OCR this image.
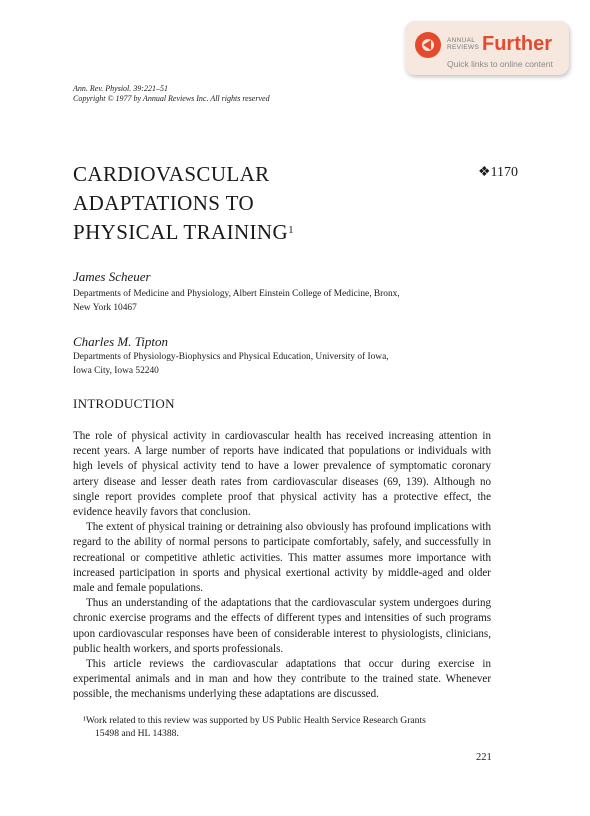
ANNUAL
REVIEWS Further
Quick links to online content
Ann. Rev. Physiol. 39:221–51
Copyright © 1977 by Annual Reviews Inc. All rights reserved
CARDIOVASCULAR
ADAPTATIONS TO
PHYSICAL TRAINING$^1$
❖1170
James Scheuer
Departments of Medicine and Physiology, Albert Einstein College of Medicine, Bronx,
New York 10467
Charles M. Tipton
Departments of Physiology-Biophysics and Physical Education, University of Iowa,
Iowa City, Iowa 52240
INTRODUCTION

The role of physical activity in cardiovascular health has received increasing attention in recent years. A large number of reports have indicated that populations or individuals with high levels of physical activity tend to have a lower prevalence of symptomatic coronary artery disease and lesser death rates from cardiovascular diseases (69, 139). Although no single report provides complete proof that physical activity has a protective effect, the evidence heavily favors that conclusion.

The extent of physical training or detraining also obviously has profound implications with regard to the ability of normal persons to participate comfortably, safely, and successfully in recreational or competitive athletic activities. This matter assumes more importance with increased participation in sports and physical exertional activity by middle-aged and older male and female populations.

Thus an understanding of the adaptations that the cardiovascular system undergoes during chronic exercise programs and the effects of different types and intensities of such programs upon cardiovascular responses have been of considerable interest to physiologists, clinicians, public health workers, and sports professionals.

This article reviews the cardiovascular adaptations that occur during exercise in experimental animals and in man and how they contribute to the trained state. Whenever possible, the mechanisms underlying these adaptations are discussed.

¹Work related to this review was supported by US Public Health Service Research Grants
15498 and HL 14388.
221
